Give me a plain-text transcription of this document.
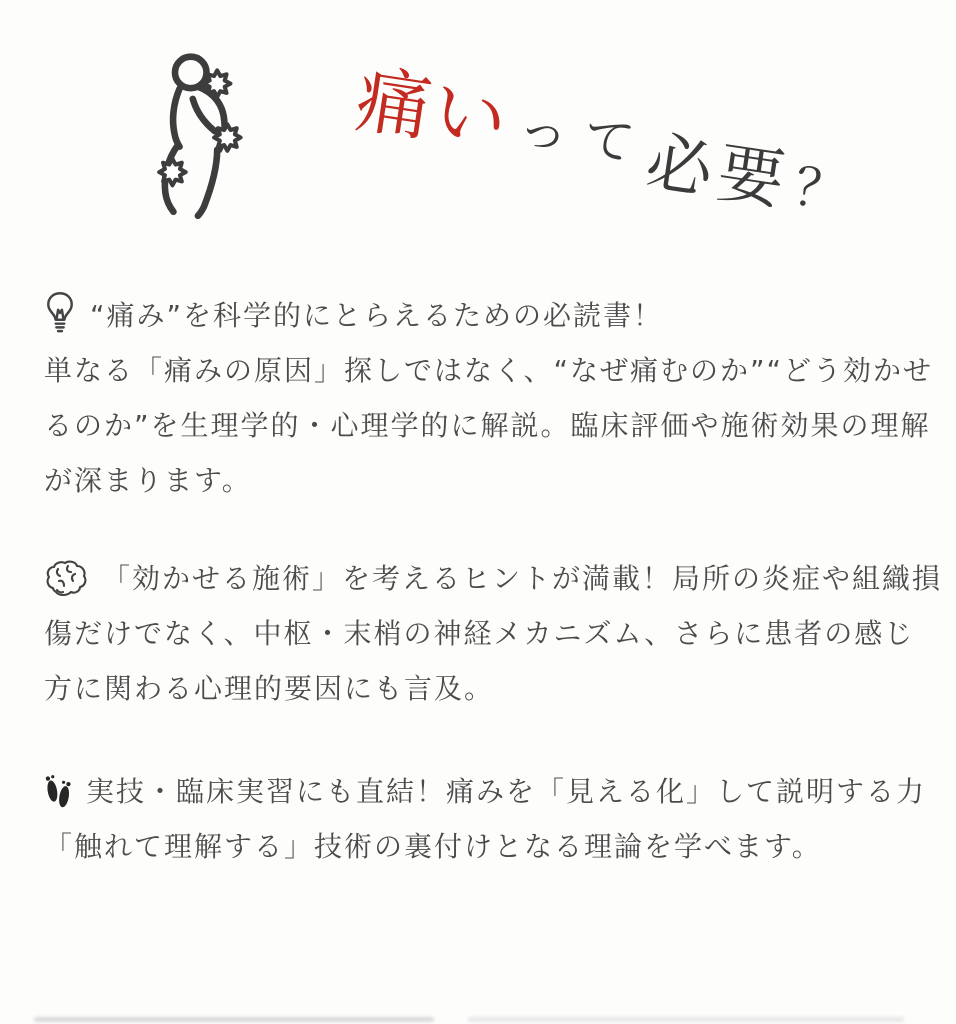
痛いって必要？
“痛み”を科学的にとらえるための必読書！
単なる「痛みの原因」探しではなく、“なぜ痛むのか”“どう効かせ
るのか”を生理学的・心理学的に解説。臨床評価や施術効果の理解
が深まります。
「効かせる施術」を考えるヒントが満載！局所の炎症や組織損
傷だけでなく、中枢・末梢の神経メカニズム、さらに患者の感じ
方に関わる心理的要因にも言及。
実技・臨床実習にも直結！痛みを「見える化」して説明する力
「触れて理解する」技術の裏付けとなる理論を学べます。
